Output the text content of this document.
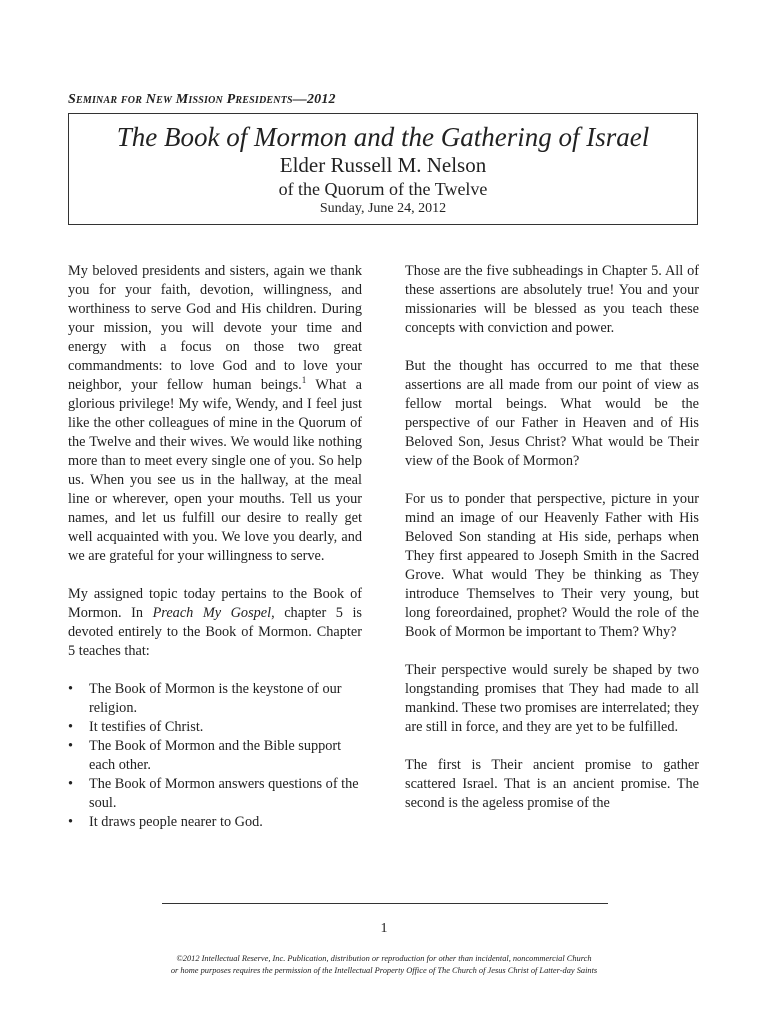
Seminar for New Mission Presidents—2012
The Book of Mormon and the Gathering of Israel
Elder Russell M. Nelson
of the Quorum of the Twelve
Sunday, June 24, 2012

My beloved presidents and sisters, again we thank you for your faith, devotion, willingness, and worthiness to serve God and His children. During your mission, you will devote your time and energy with a focus on those two great commandments: to love God and to love your neighbor, your fellow human beings.$^1$ What a glorious privilege! My wife, Wendy, and I feel just like the other colleagues of mine in the Quorum of the Twelve and their wives. We would like nothing more than to meet every single one of you. So help us. When you see us in the hallway, at the meal line or wherever, open your mouths. Tell us your names, and let us fulfill our desire to really get well acquainted with you. We love you dearly, and we are grateful for your willingness to serve.

My assigned topic today pertains to the Book of Mormon. In Preach My Gospel, chapter 5 is devoted entirely to the Book of Mormon. Chapter 5 teaches that:

• The Book of Mormon is the keystone of our religion.
• It testifies of Christ.
• The Book of Mormon and the Bible support each other.
• The Book of Mormon answers questions of the soul.
• It draws people nearer to God.

Those are the five subheadings in Chapter 5. All of these assertions are absolutely true! You and your missionaries will be blessed as you teach these concepts with conviction and power.

But the thought has occurred to me that these assertions are all made from our point of view as fellow mortal beings. What would be the perspective of our Father in Heaven and of His Beloved Son, Jesus Christ? What would be Their view of the Book of Mormon?

For us to ponder that perspective, picture in your mind an image of our Heavenly Father with His Beloved Son standing at His side, perhaps when They first appeared to Joseph Smith in the Sacred Grove. What would They be thinking as They introduce Themselves to Their very young, but long foreordained, prophet? Would the role of the Book of Mormon be important to Them? Why?

Their perspective would surely be shaped by two longstanding promises that They had made to all mankind. These two promises are interrelated; they are still in force, and they are yet to be fulfilled.

The first is Their ancient promise to gather scattered Israel. That is an ancient promise. The second is the ageless promise of the

1
©2012 Intellectual Reserve, Inc. Publication, distribution or reproduction for other than incidental, noncommercial Church
or home purposes requires the permission of the Intellectual Property Office of The Church of Jesus Christ of Latter-day Saints
